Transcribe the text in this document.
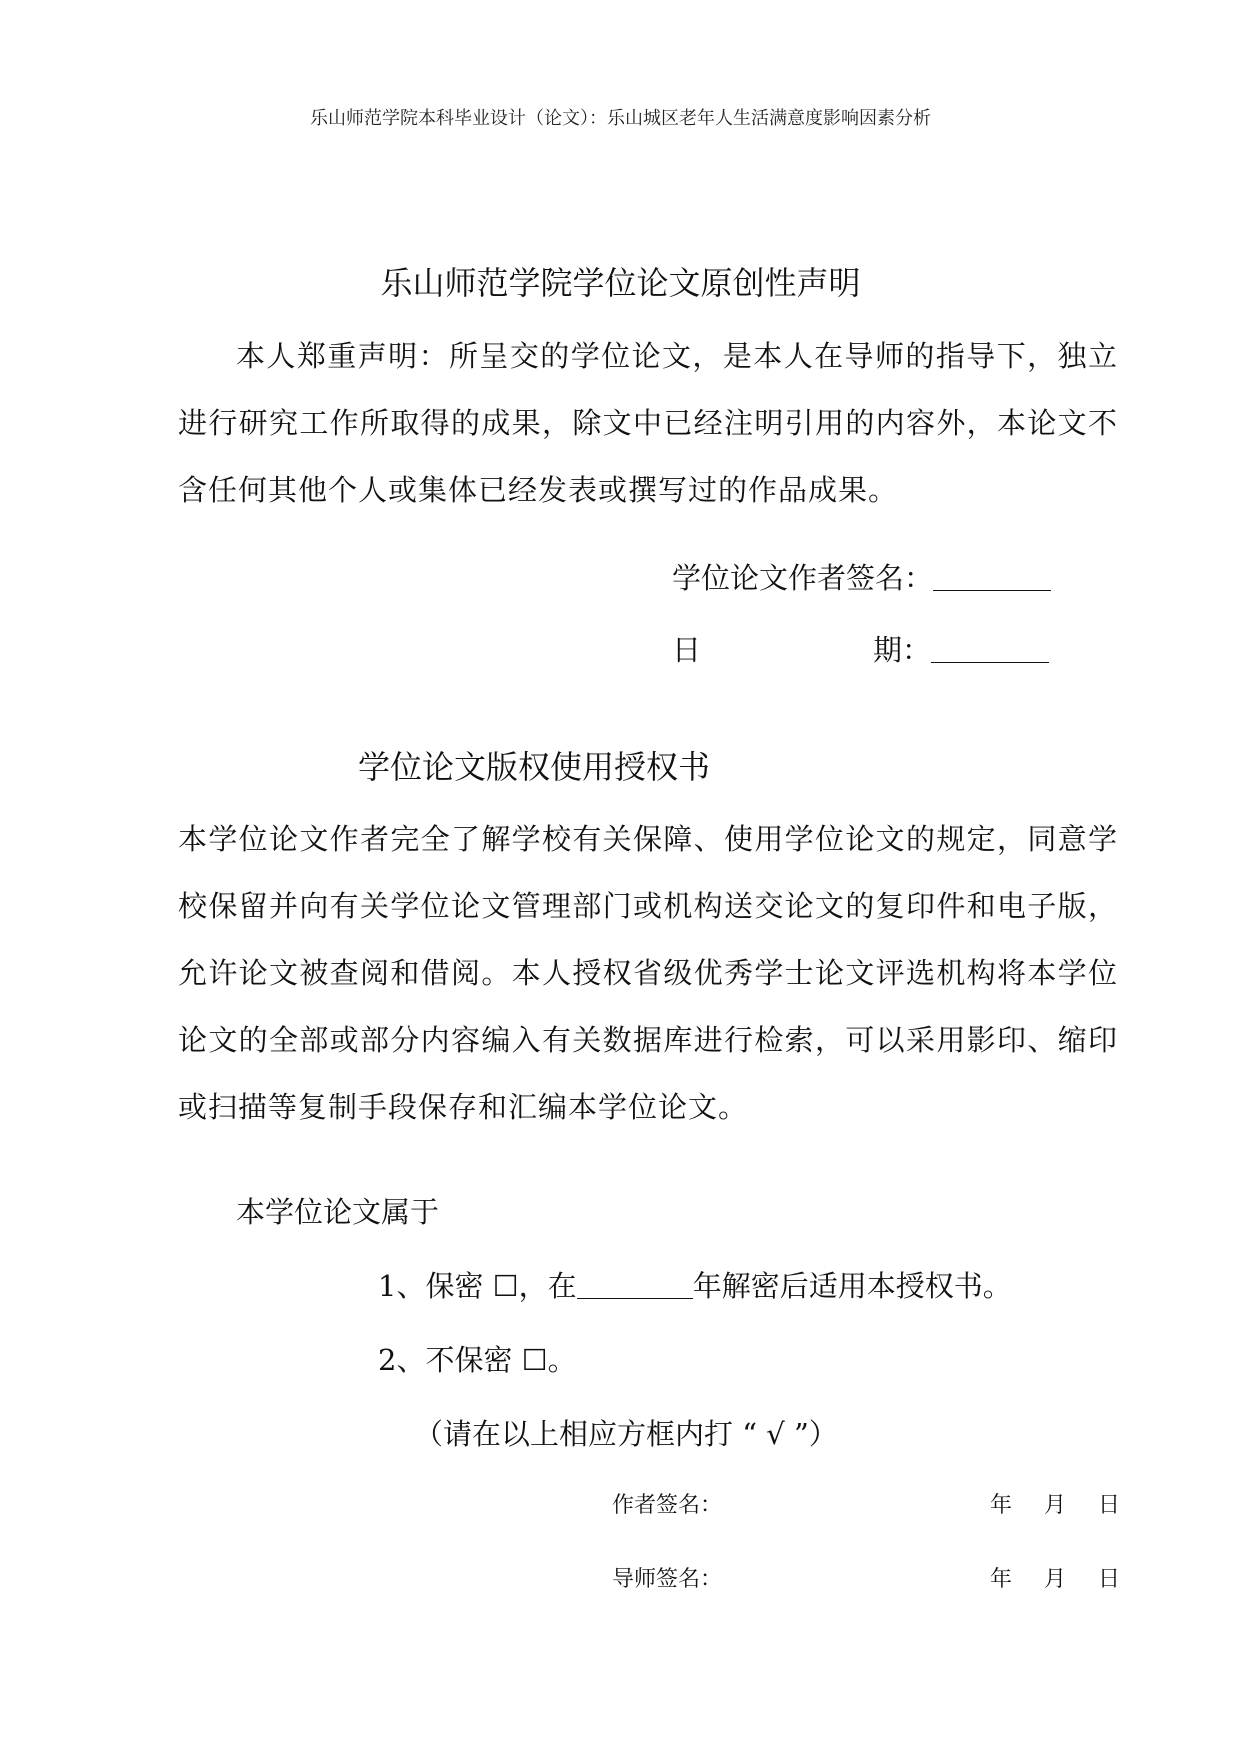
乐山师范学院本科毕业设计（论文）：乐山城区老年人生活满意度影响因素分析
乐山师范学院学位论文原创性声明
本人郑重声明：所呈交的学位论文，是本人在导师的指导下，独立进行研究工作所取得的成果，除文中已经注明引用的内容外，本论文不含任何其他个人或集体已经发表或撰写过的作品成果。
学位论文作者签名：
日	期：
学位论文版权使用授权书
本学位论文作者完全了解学校有关保障、使用学位论文的规定，同意学校保留并向有关学位论文管理部门或机构送交论文的复印件和电子版，允许论文被查阅和借阅。本人授权省级优秀学士论文评选机构将本学位论文的全部或部分内容编入有关数据库进行检索，可以采用影印、缩印或扫描等复制手段保存和汇编本学位论文。
本学位论文属于
1、保密 ☐，在	年解密后适用本授权书。
2、不保密 ☐。
（请在以上相应方框内打 “ √ ”）
作者签名：	年 月 日
导师签名：	年 月 日
